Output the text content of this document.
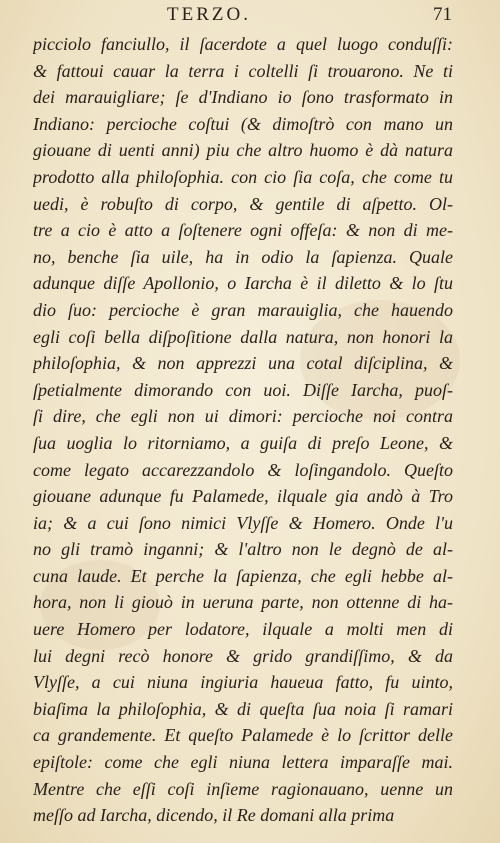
TERZO.	71
picciolo fanciullo, il ſacerdote a quel luogo conduſſi:
& fattoui cauar la terra i coltelli ſi trouarono. Ne ti
dei marauigliare; ſe d'Indiano io ſono trasformato in
Indiano: percioche coſtui (& dimoſtrò con mano un
giouane di uenti anni) piu che altro huomo è dà natura
prodotto alla philoſophia. con cio ſia coſa, che come tu
uedi, è robuſto di corpo, & gentile di aſpetto. Ol-
tre a cio è atto a ſoſtenere ogni offeſa: & non di me-
no, benche ſia uile, ha in odio la ſapienza. Quale
adunque diſſe Apollonio, o Iarcha è il diletto & lo ſtu
dio ſuo: percioche è gran marauiglia, che hauendo
egli coſi bella diſpoſitione dalla natura, non honori la
philoſophia, & non apprezzi una cotal diſciplina, &
ſpetialmente dimorando con uoi. Diſſe Iarcha, puoſ-
ſi dire, che egli non ui dimori: percioche noi contra
ſua uoglia lo ritorniamo, a guiſa di preſo Leone, &
come legato accarezzandolo & loſingandolo. Queſto
giouane adunque fu Palamede, ilquale gia andò à Tro
ia; & a cui ſono nimici Vlyſſe & Homero. Onde l'u
no gli tramò inganni; & l'altro non le degnò de al-
cuna laude. Et perche la ſapienza, che egli hebbe al-
hora, non li giouò in ueruna parte, non ottenne di ha-
uere Homero per lodatore, ilquale a molti men di
lui degni recò honore & grido grandiſſimo, & da
Vlyſſe, a cui niuna ingiuria haueua fatto, fu uinto,
biaſima la philoſophia, & di queſta ſua noia ſi ramari
ca grandemente. Et queſto Palamede è lo ſcrittor delle
epiſtole: come che egli niuna lettera imparaſſe mai.
Mentre che eſſi coſi inſieme ragionauano, uenne un
meſſo ad Iarcha, dicendo, il Re domani alla prima
